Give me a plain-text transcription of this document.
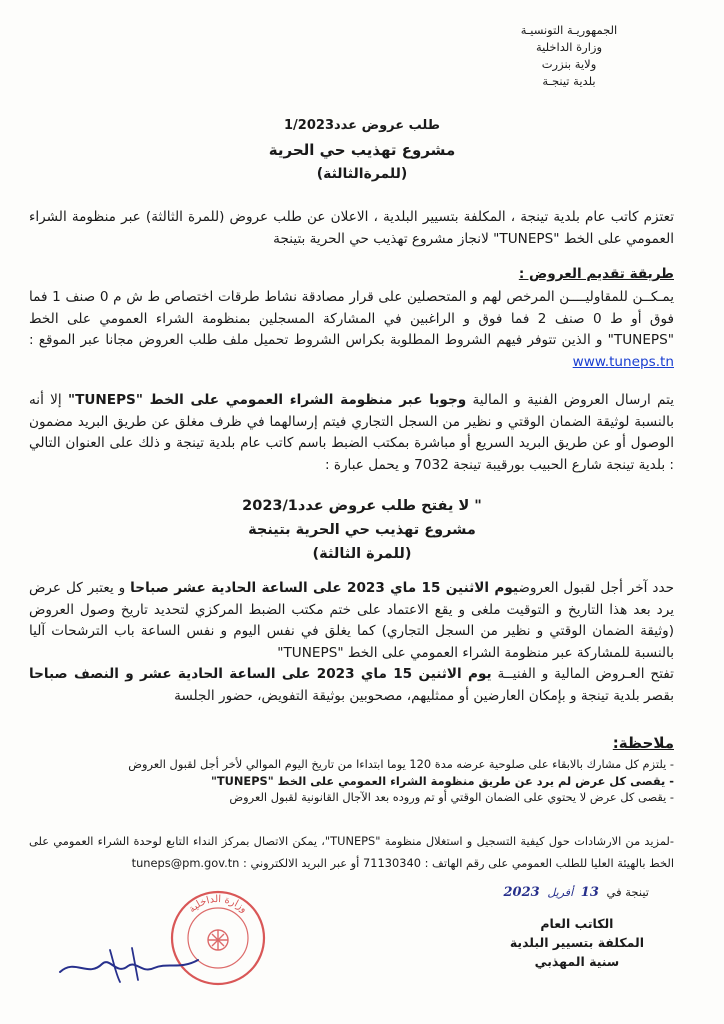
الجمهوريـة التونسيـة
وزارة الداخلية
ولاية بنزرت
بلدية تينجـة
طلب عروض عدد1/2023
مشروع تهذيب حي الحرية
(للمرةالثالثة)
تعتزم كاتب عام بلدية تينجة ، المكلفة بتسيير البلدية ، الاعلان عن طلب عروض (للمرة الثالثة) عبر منظومة الشراء العمومي على الخط "TUNEPS" لانجاز مشروع تهذيب حي الحرية بتينجة
طريقة تقديم العروض :
يمـكــن للمقاوليــــن المرخص لهم و المتحصلين على قرار مصادقة نشاط طرقات اختصاص ط ش م 0 صنف 1 فما فوق أو ط 0 صنف 2 فما فوق و الراغبين في المشاركة المسجلين بمنظومة الشراء العمومي على الخط "TUNEPS" و الذين تتوفر فيهم الشروط المطلوبة بكراس الشروط تحميل ملف طلب العروض مجانا عبر الموقع : www.tuneps.tn
يتم ارسال العروض الفنية و المالية وجوبا عبر منظومة الشراء العمومي على الخط "TUNEPS" إلا أنه بالنسبة لوثيقة الضمان الوقتي و نظير من السجل التجاري فيتم إرسالهما في ظرف مغلق عن طريق البريد مضمون الوصول أو عن طريق البريد السريع أو مباشرة بمكتب الضبط باسم كاتب عام بلدية تينجة و ذلك على العنوان التالي : بلدية تينجة شارع الحبيب بورقيبة تينجة 7032 و يحمل عبارة :
" لا يفتح طلب عروض عدد2023/1
مشروع تهذيب حي الحرية بتينجة
(للمرة الثالثة)
حدد آخر أجل لقبول العروضيوم الاثنين 15 ماي 2023 على الساعة الحادية عشر صباحا و يعتبر كل عرض يرد بعد هذا التاريخ و التوقيت ملغى و يقع الاعتماد على ختم مكتب الضبط المركزي لتحديد تاريخ وصول العروض (وثيقة الضمان الوقتي و نظير من السجل التجاري) كما يغلق في نفس اليوم و نفس الساعة باب الترشحات آليا بالنسبة للمشاركة عبر منظومة الشراء العمومي على الخط "TUNEPS"
تفتح العـروض المالية و الفنيــة يوم الاثنين 15 ماي 2023 على الساعة الحادية عشر و النصف صباحا بقصر بلدية تينجة و بإمكان العارضين أو ممثليهم، مصحوبين بوثيقة التفويض، حضور الجلسة
ملاحظة:
- يلتزم كل مشارك بالابقاء على صلوحية عرضه مدة 120 يوما ابتداءا من تاريخ اليوم الموالي لأخر أجل لقبول العروض
- يقصى كل عرض لم يرد عن طريق منظومة الشراء العمومي على الخط "TUNEPS"
- يقصى كل عرض لا يحتوي على الضمان الوقتي أو تم وروده بعد الآجال القانونية لقبول العروض
-لمزيد من الارشادات حول كيفية التسجيل و استغلال منظومة "TUNEPS"، يمكن الاتصال بمركز النداء التابع لوحدة الشراء العمومي على الخط بالهيئة العليا للطلب العمومي على رقم الهاتف : 71130340 أو عبر البريد الالكتروني : tuneps@pm.gov.tn
تينجة في 13 أفريل 2023
الكاتب العام
المكلفة بتسيير البلدية
سنية المهذبي
وزارة الداخلية
